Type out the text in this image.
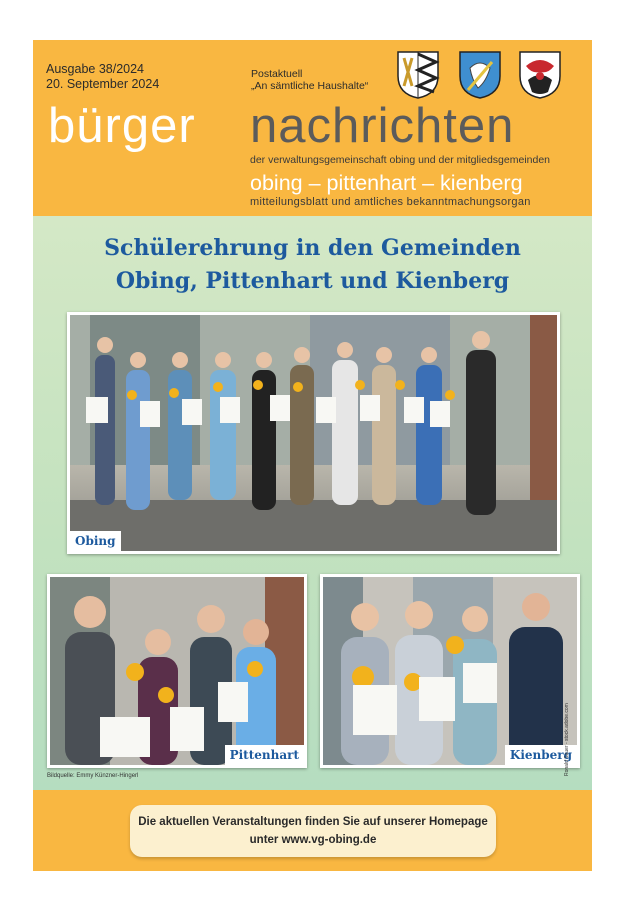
Ausgabe 38/2024
20. September 2024
Postaktuell
„An sämtliche Haushalte“
bürger nachrichten
der verwaltungsgemeinschaft obing und der mitgliedsgemeinden
obing – pittenhart – kienberg
mitteilungsblatt und amtliches bekanntmachungsorgan
Schülerehrung in den Gemeinden
Obing, Pittenhart und Kienberg
Obing
Pittenhart	Kienberg
Bildquelle: Emmy Künzner-Hingerl	Ronald Sauer - stock.adobe.com
Die aktuellen Veranstaltungen finden Sie auf unserer Homepage
unter www.vg-obing.de
